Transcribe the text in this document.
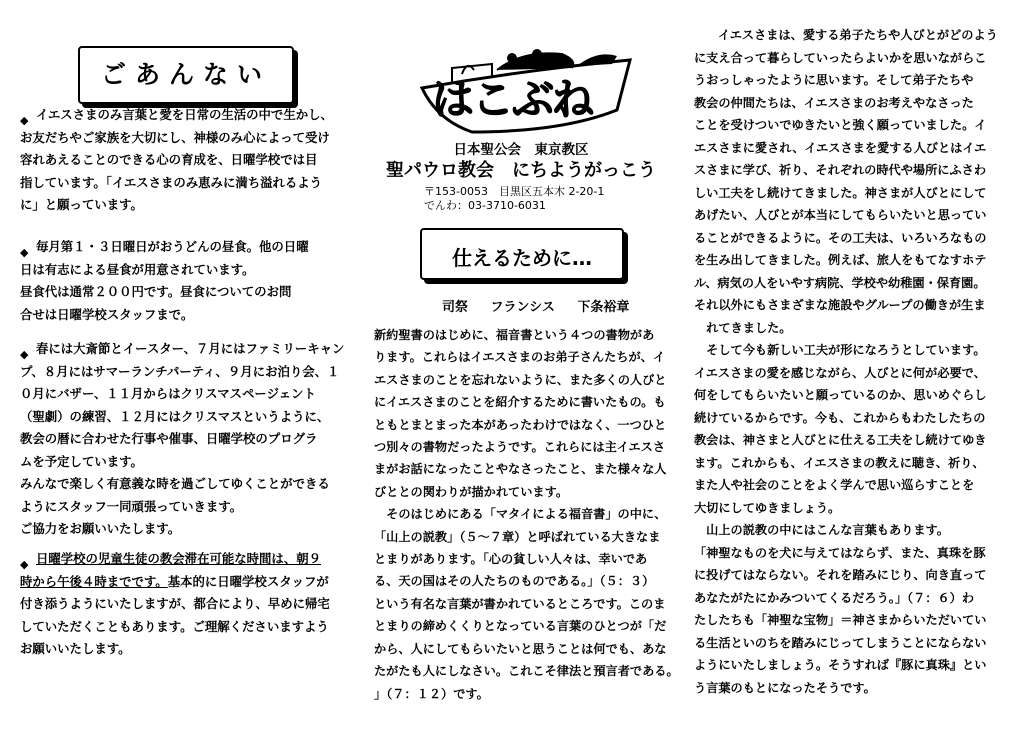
ごあんない
◆ イエスさまのみ言葉と愛を日常の生活の中で生かし、

お友だちやご家族を大切にし、神様のみ心によって受け

容れあえることのできる心の育成を、日曜学校では目

指しています。「イエスさまのみ恵みに満ち溢れるよう

に」と願っています。

◆ 毎月第１・３日曜日がおうどんの昼食。他の日曜

日は有志による昼食が用意されています。

昼食代は通常２００円です。昼食についてのお問

合せは日曜学校スタッフまで。

◆ 春には大斎節とイースター、７月にはファミリーキャン

プ、８月にはサマーランチパーティ、９月にお泊り会、１

０月にバザー、１１月からはクリスマスページェント

（聖劇）の練習、１２月にはクリスマスというように、

教会の暦に合わせた行事や催事、日曜学校のプログラ

ムを予定しています。

みんなで楽しく有意義な時を過ごしてゆくことができる

ようにスタッフ一同頑張っていきます。

ご協力をお願いいたします。

◆ 日曜学校の児童生徒の教会滞在可能な時間は、朝９

時から午後４時までです。基本的に日曜学校スタッフが

付き添うようにいたしますが、都合により、早めに帰宅

していただくこともあります。ご理解くださいますよう

お願いいたします。

はこぶね
日本聖公会　東京教区
聖パウロ教会　にちようがっこう
〒153-0053　目黒区五本木 2-20-1
でんわ：03-3710-6031
仕えるために…
司祭 フランシス 下条裕章

新約聖書のはじめに、福音書という４つの書物があ

ります。これらはイエスさまのお弟子さんたちが、イ

エスさまのことを忘れないように、また多くの人びと

にイエスさまのことを紹介するために書いたもの。も

ともとまとまった本があったわけではなく、一つひと

つ別々の書物だったようです。これらには主イエスさ

まがお話になったことやなさったこと、また様々な人

びととの関わりが描かれています。

　そのはじめにある「マタイによる福音書」の中に、

「山上の説教」（５～７章）と呼ばれている大きなま

とまりがあります。「心の貧しい人々は、幸いであ

る、天の国はその人たちのものである。」（５：３）

という有名な言葉が書かれているところです。このま

とまりの締めくくりとなっている言葉のひとつが「だ

から、人にしてもらいたいと思うことは何でも、あな

たがたも人にしなさい。これこそ律法と預言者である。

」（７：１２）です。

イエスさまは、愛する弟子たちや人びとがどのよう

に支え合って暮らしていったらよいかを思いながらこ

うおっしゃったように思います。そして弟子たちや

教会の仲間たちは、イエスさまのお考えやなさった

ことを受けついでゆきたいと強く願っていました。イ

エスさまに愛され、イエスさまを愛する人びとはイエ

スさまに学び、祈り、それぞれの時代や場所にふさわ

しい工夫をし続けてきました。神さまが人びとにして

あげたい、人びとが本当にしてもらいたいと思ってい

ることができるように。その工夫は、いろいろなもの

を生み出してきました。例えば、旅人をもてなすホテ

ル、病気の人をいやす病院、学校や幼稚園・保育園。

それ以外にもさまざまな施設やグループの働きが生ま

　れてきました。

　そして今も新しい工夫が形になろうとしています。

イエスさまの愛を感じながら、人びとに何が必要で、

何をしてもらいたいと願っているのか、思いめぐらし

続けているからです。今も、これからもわたしたちの

教会は、神さまと人びとに仕える工夫をし続けてゆき

ます。これからも、イエスさまの教えに聴き、祈り、

また人や社会のことをよく学んで思い巡らすことを

大切にしてゆきましょう。

　山上の説教の中にはこんな言葉もあります。

「神聖なものを犬に与えてはならず、また、真珠を豚

に投げてはならない。それを踏みにじり、向き直って

あなたがたにかみついてくるだろう。」（７：６）わ

たしたちも「神聖な宝物」＝神さまからいただいてい

る生活といのちを踏みにじってしまうことにならない

ようにいたしましょう。そうすれば『豚に真珠』とい

う言葉のもとになったそうです。
